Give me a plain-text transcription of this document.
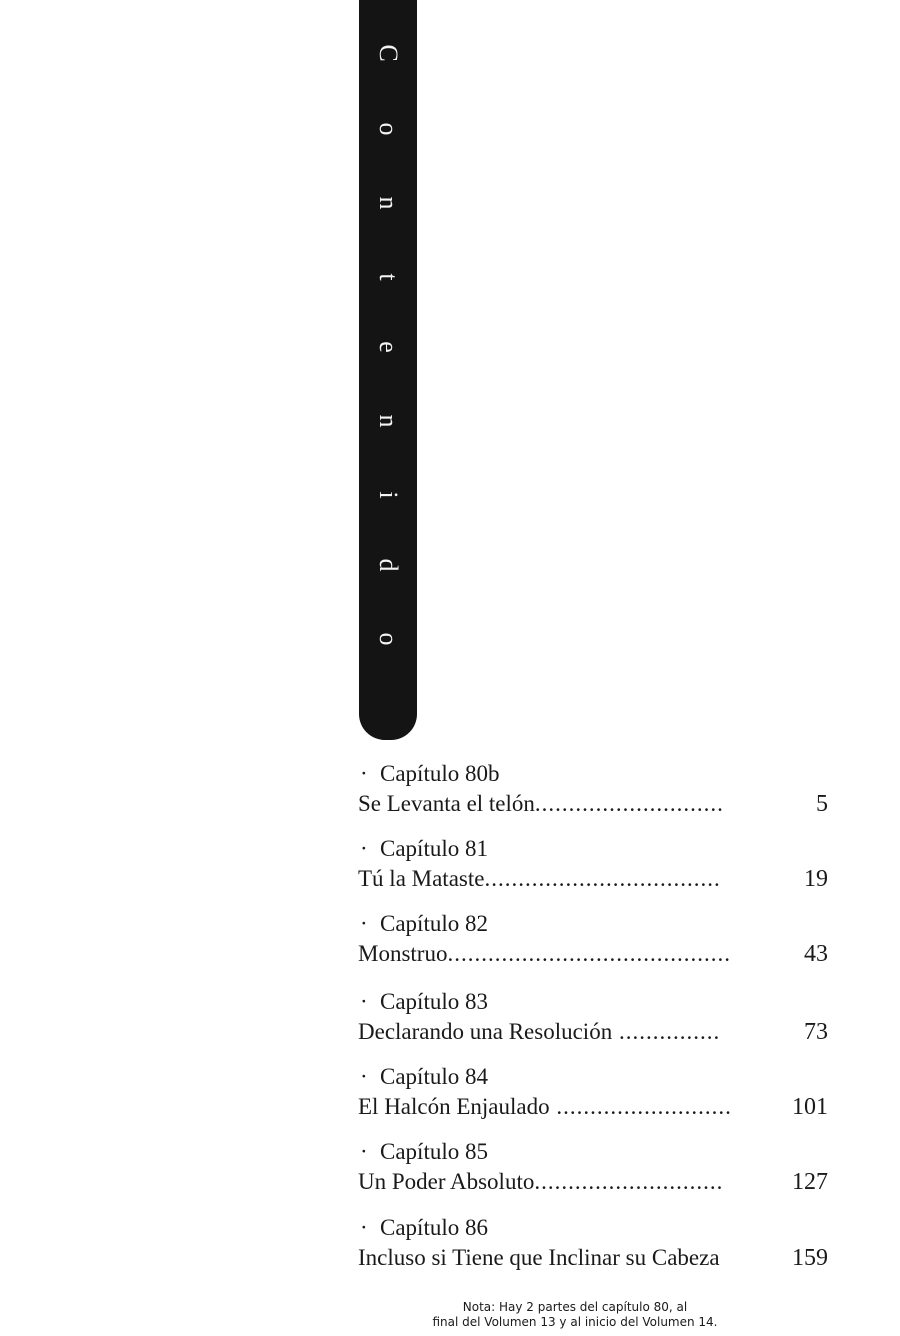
C
o
n
t
e
n
i
d
o
· Capítulo 80b
Se Levanta el telón............................	5
· Capítulo 81
Tú la Mataste...................................	19
· Capítulo 82
Monstruo..........................................	43
· Capítulo 83
Declarando una Resolución ...............	73
· Capítulo 84
El Halcón Enjaulado ..........................	101
· Capítulo 85
Un Poder Absoluto............................	127
· Capítulo 86
Incluso si Tiene que Inclinar su Cabeza	159
Nota: Hay 2 partes del capítulo 80, al
final del Volumen 13 y al inicio del Volumen 14.
